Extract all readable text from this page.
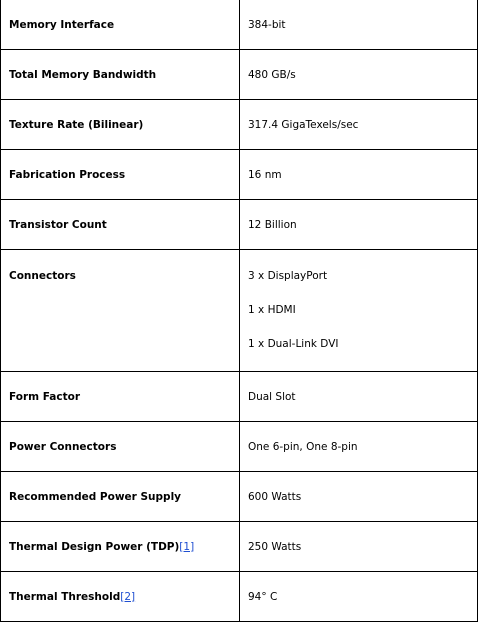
Memory Interface	384-bit
Total Memory Bandwidth	480 GB/s
Texture Rate (Bilinear)	317.4 GigaTexels/sec
Fabrication Process	16 nm
Transistor Count	12 Billion
Connectors	3 x DisplayPort
1 x HDMI
1 x Dual-Link DVI

Form Factor	Dual Slot
Power Connectors	One 6-pin, One 8-pin
Recommended Power Supply	600 Watts
Thermal Design Power (TDP)[1]	250 Watts
Thermal Threshold[2]	94° C
